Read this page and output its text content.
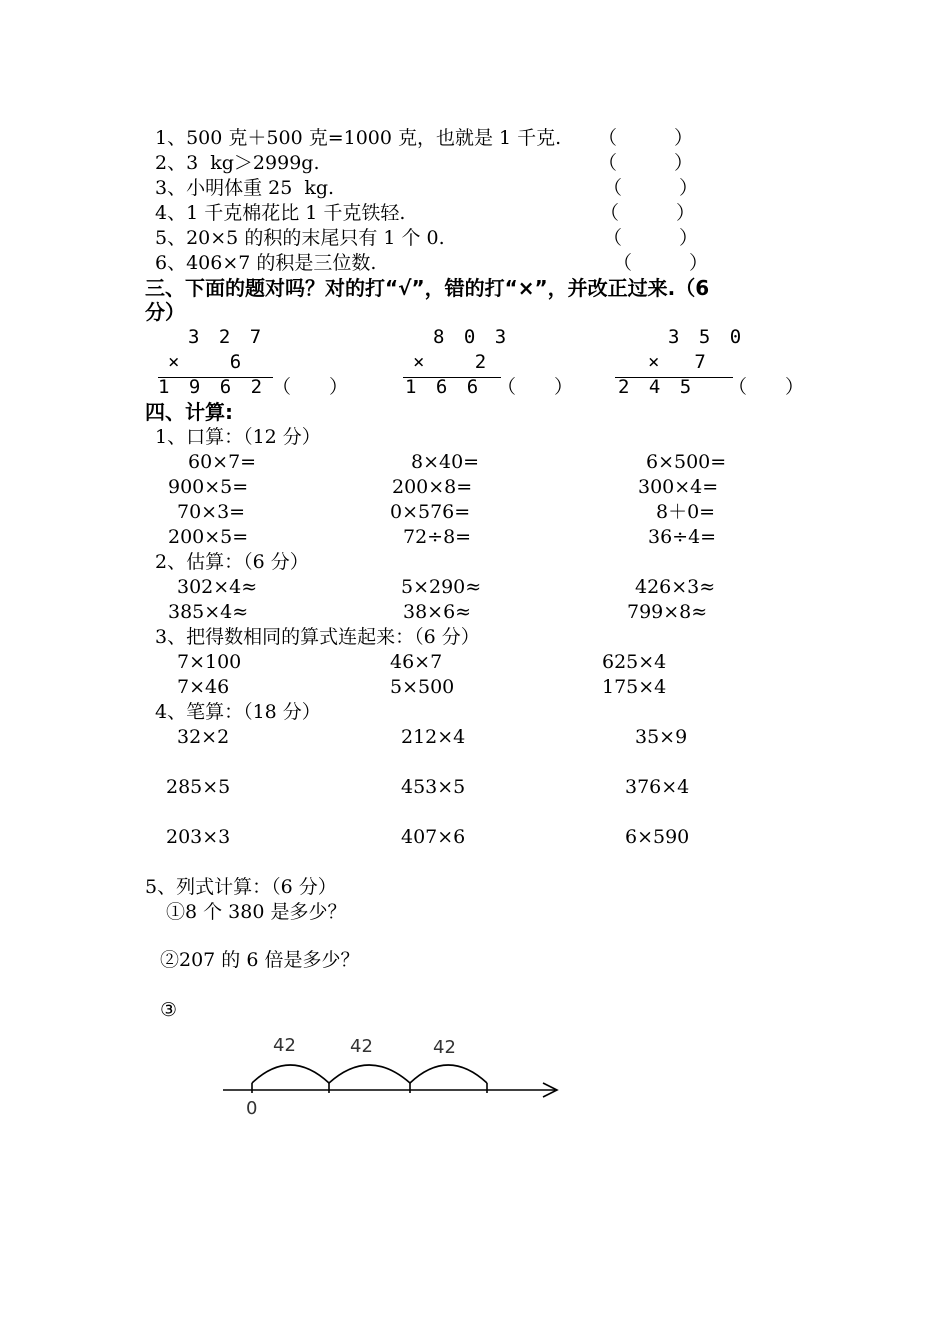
1、500 克＋500 克=1000 克，也就是 1 千克. （　　　）
2、3  kg＞2999g.	（　　　）
3、小明体重 25  kg.	（　　　）
4、1 千克棉花比 1 千克铁轻.	（　　　）
5、20×5 的积的末尾只有 1 个 0.	（　　　）
6、406×7 的积是三位数.	（　　　）
三、下面的题对吗？对的打“√”，错的打“×”，并改正过来.（6
分）
3 2 7
×   6
1 9 6 2 （　　）
8 0 3
×   2
1 6 6 （　　）
3 5 0
×  7
2 4 5 （　　）
四、计算:
1、口算：（12 分）
60×7=	8×40=	6×500=
900×5=	200×8=	300×4=
70×3=	0×576=	8＋0=
200×5=	72÷8=	36÷4=
2、估算：（6 分）
302×4≈	5×290≈	426×3≈
385×4≈	38×6≈	799×8≈
3、把得数相同的算式连起来：（6 分）
7×100	46×7	625×4
7×46	5×500	175×4
4、笔算：（18 分）
32×2	212×4	35×9
285×5	453×5	376×4
203×3	407×6	6×590
5、列式计算：（6 分）
①8 个 380 是多少？
②207 的 6 倍是多少？
③
42	42	42
0
